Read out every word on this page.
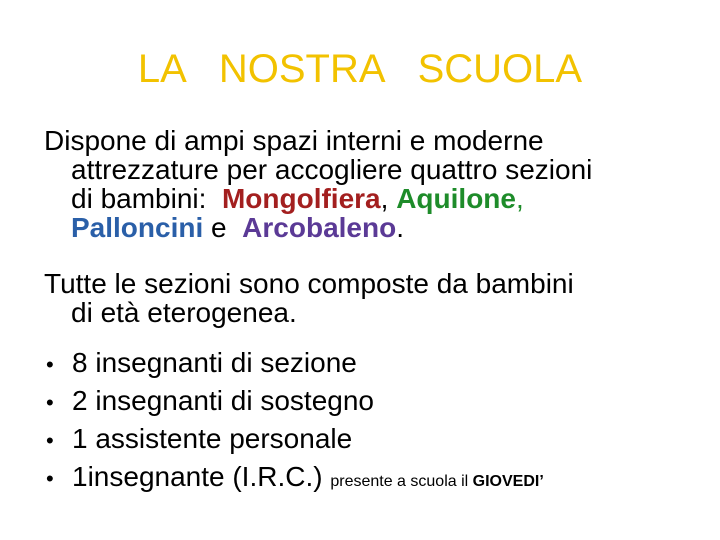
LA  NOSTRA  SCUOLA
Dispone di ampi spazi interni e moderne
attrezzature per accogliere quattro sezioni
di bambini:  Mongolfiera, Aquilone,
Palloncini e  Arcobaleno.
Tutte le sezioni sono composte da bambini
di età eterogenea.
• 8 insegnanti di sezione
• 2 insegnanti di sostegno
• 1 assistente personale
• 1insegnante (I.R.C.) presente a scuola il GIOVEDI’
